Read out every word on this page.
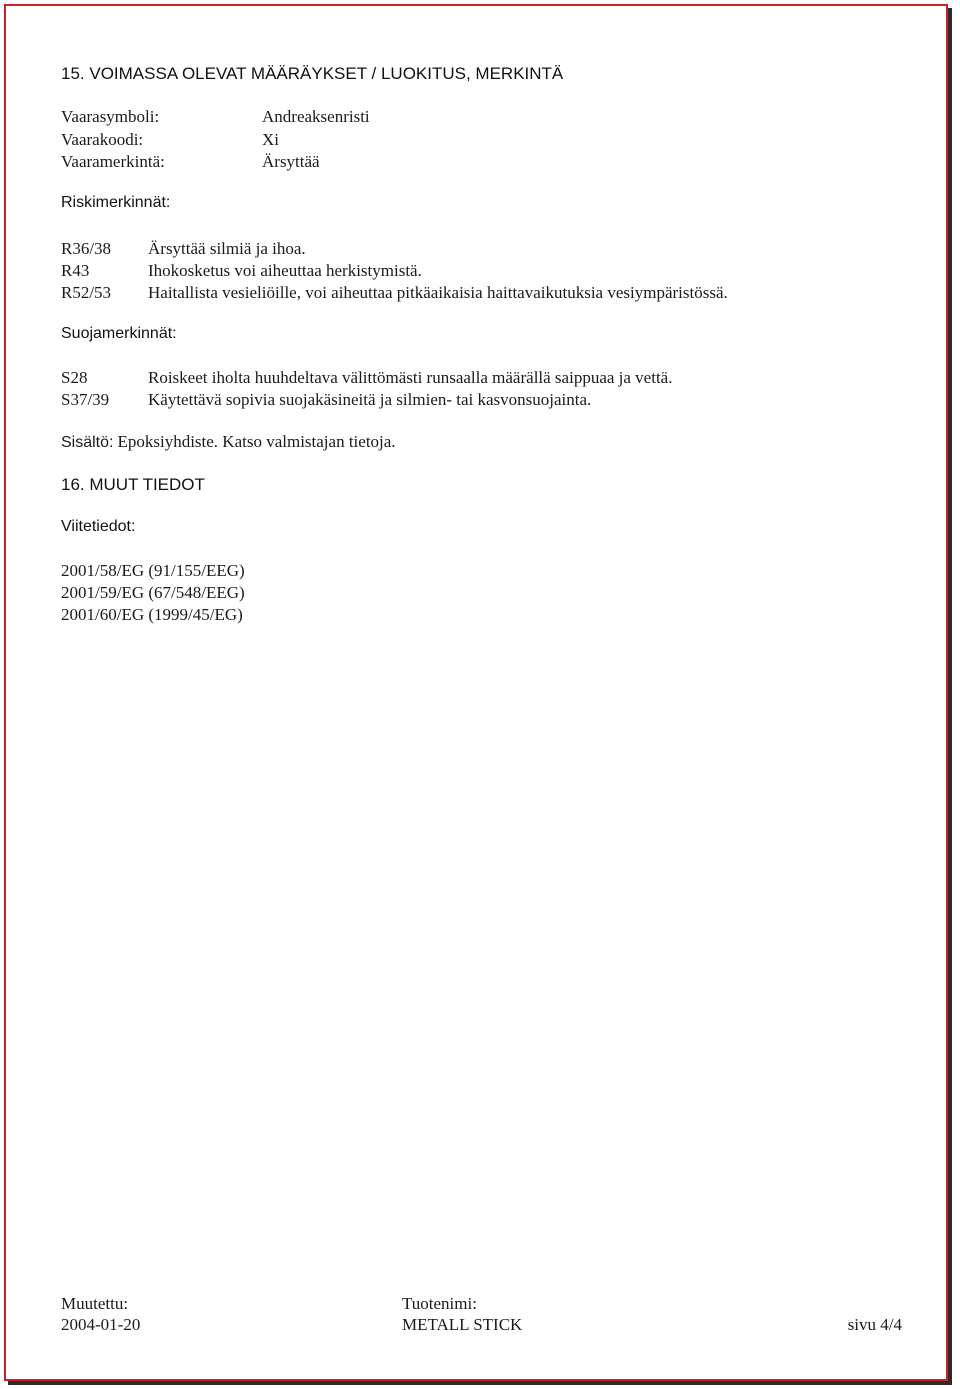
15. VOIMASSA OLEVAT MÄÄRÄYKSET / LUOKITUS, MERKINTÄ
Vaarasymboli:	Andreaksenristi
Vaarakoodi:	Xi
Vaaramerkintä:	Ärsyttää
Riskimerkinnät:
R36/38 Ärsyttää silmiä ja ihoa.
R43	Ihokosketus voi aiheuttaa herkistymistä.
R52/53 Haitallista vesieliöille, voi aiheuttaa pitkäaikaisia haittavaikutuksia vesiympäristössä.
Suojamerkinnät:
S28	Roiskeet iholta huuhdeltava välittömästi runsaalla määrällä saippuaa ja vettä.
S37/39 Käytettävä sopivia suojakäsineitä ja silmien- tai kasvonsuojainta.
Sisältö: Epoksiyhdiste. Katso valmistajan tietoja.
16. MUUT TIEDOT
Viitetiedot:
2001/58/EG (91/155/EEG)
2001/59/EG (67/548/EEG)
2001/60/EG (1999/45/EG)
Muutettu:
2004-01-20
Tuotenimi:
METALL STICK	sivu 4/4
